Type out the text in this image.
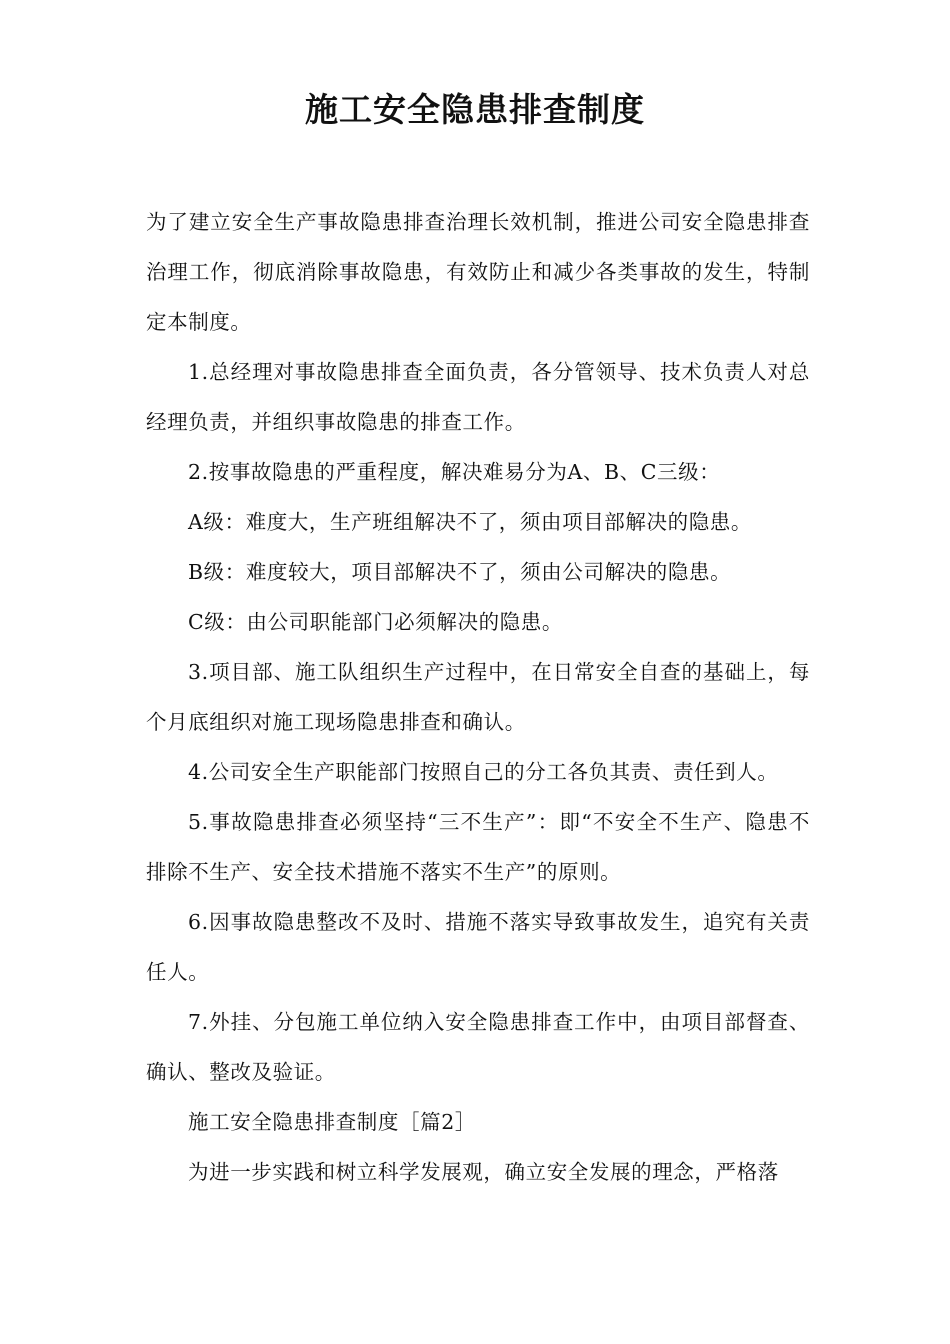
施工安全隐患排查制度

为了建立安全生产事故隐患排查治理长效机制，推进公司安全隐患排查治理工作，彻底消除事故隐患，有效防止和减少各类事故的发生，特制定本制度。

1.总经理对事故隐患排查全面负责，各分管领导、技术负责人对总经理负责，并组织事故隐患的排查工作。

2.按事故隐患的严重程度，解决难易分为A、B、C三级：

A级：难度大，生产班组解决不了，须由项目部解决的隐患。

B级：难度较大，项目部解决不了，须由公司解决的隐患。

C级：由公司职能部门必须解决的隐患。

3.项目部、施工队组织生产过程中，在日常安全自查的基础上，每个月底组织对施工现场隐患排查和确认。

4.公司安全生产职能部门按照自己的分工各负其责、责任到人。

5.事故隐患排查必须坚持“三不生产”：即“不安全不生产、隐患不排除不生产、安全技术措施不落实不生产”的原则。

6.因事故隐患整改不及时、措施不落实导致事故发生，追究有关责任人。

7.外挂、分包施工单位纳入安全隐患排查工作中，由项目部督查、确认、整改及验证。

施工安全隐患排查制度［篇2］

为进一步实践和树立科学发展观，确立安全发展的理念，严格落
